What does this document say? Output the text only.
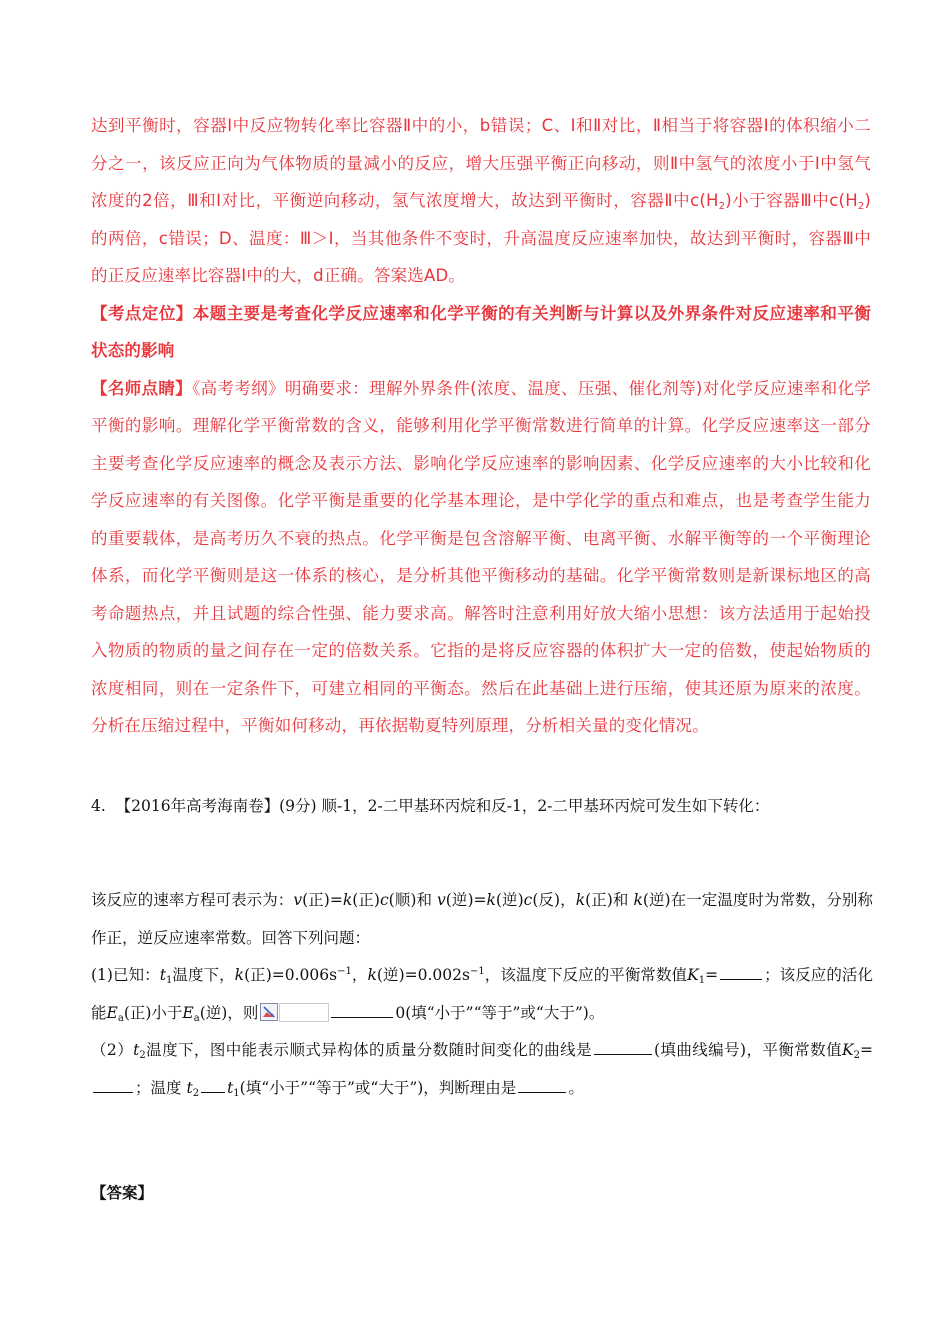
达到平衡时，容器Ⅰ中反应物转化率比容器Ⅱ中的小，b错误；C、Ⅰ和Ⅱ对比，Ⅱ相当于将容器Ⅰ的体积缩小二分之一，该反应正向为气体物质的量减小的反应，增大压强平衡正向移动，则Ⅱ中氢气的浓度小于Ⅰ中氢气浓度的2倍，Ⅲ和Ⅰ对比，平衡逆向移动，氢气浓度增大，故达到平衡时，容器Ⅱ中$c(H_2)$小于容器Ⅲ中$c(H_2)$的两倍，c错误；D、温度：Ⅲ＞Ⅰ，当其他条件不变时，升高温度反应速率加快，故达到平衡时，容器Ⅲ中的正反应速率比容器Ⅰ中的大，d正确。答案选AD。

【考点定位】本题主要是考查化学反应速率和化学平衡的有关判断与计算以及外界条件对反应速率和平衡状态的影响

【名师点睛】《高考考纲》明确要求：理解外界条件(浓度、温度、压强、催化剂等)对化学反应速率和化学平衡的影响。理解化学平衡常数的含义，能够利用化学平衡常数进行简单的计算。化学反应速率这一部分主要考查化学反应速率的概念及表示方法、影响化学反应速率的影响因素、化学反应速率的大小比较和化学反应速率的有关图像。化学平衡是重要的化学基本理论，是中学化学的重点和难点，也是考查学生能力的重要载体，是高考历久不衰的热点。化学平衡是包含溶解平衡、电离平衡、水解平衡等的一个平衡理论体系，而化学平衡则是这一体系的核心，是分析其他平衡移动的基础。化学平衡常数则是新课标地区的高考命题热点，并且试题的综合性强、能力要求高。解答时注意利用好放大缩小思想：该方法适用于起始投入物质的物质的量之间存在一定的倍数关系。它指的是将反应容器的体积扩大一定的倍数，使起始物质的浓度相同，则在一定条件下，可建立相同的平衡态。然后在此基础上进行压缩，使其还原为原来的浓度。分析在压缩过程中，平衡如何移动，再依据勒夏特列原理，分析相关量的变化情况。

4. 【2016年高考海南卷】(9分) 顺-1，2-二甲基环丙烷和反-1，2-二甲基环丙烷可发生如下转化：

该反应的速率方程可表示为：v(正)=k(正)c(顺)和 v(逆)=k(逆)c(反)，k(正)和 k(逆)在一定温度时为常数，分别称作正，逆反应速率常数。回答下列问题：

(1)已知：$t_1$温度下，k(正)$=0.006s^{-1}$，k(逆)$=0.002s^{-1}$，该温度下反应的平衡常数值$K_1=$	；该反应的活化能$E_a$(正)小于$E_a$(逆)，则	0(填“小于”“等于”或“大于”)。

$(2)t_2$温度下，图中能表示顺式异构体的质量分数随时间变化的曲线是	(填曲线编号)，平衡常数值$K_2=$；温度 $t_2$ $t_1$(填“小于”“等于”或“大于”)，判断理由是	。

【答案】
